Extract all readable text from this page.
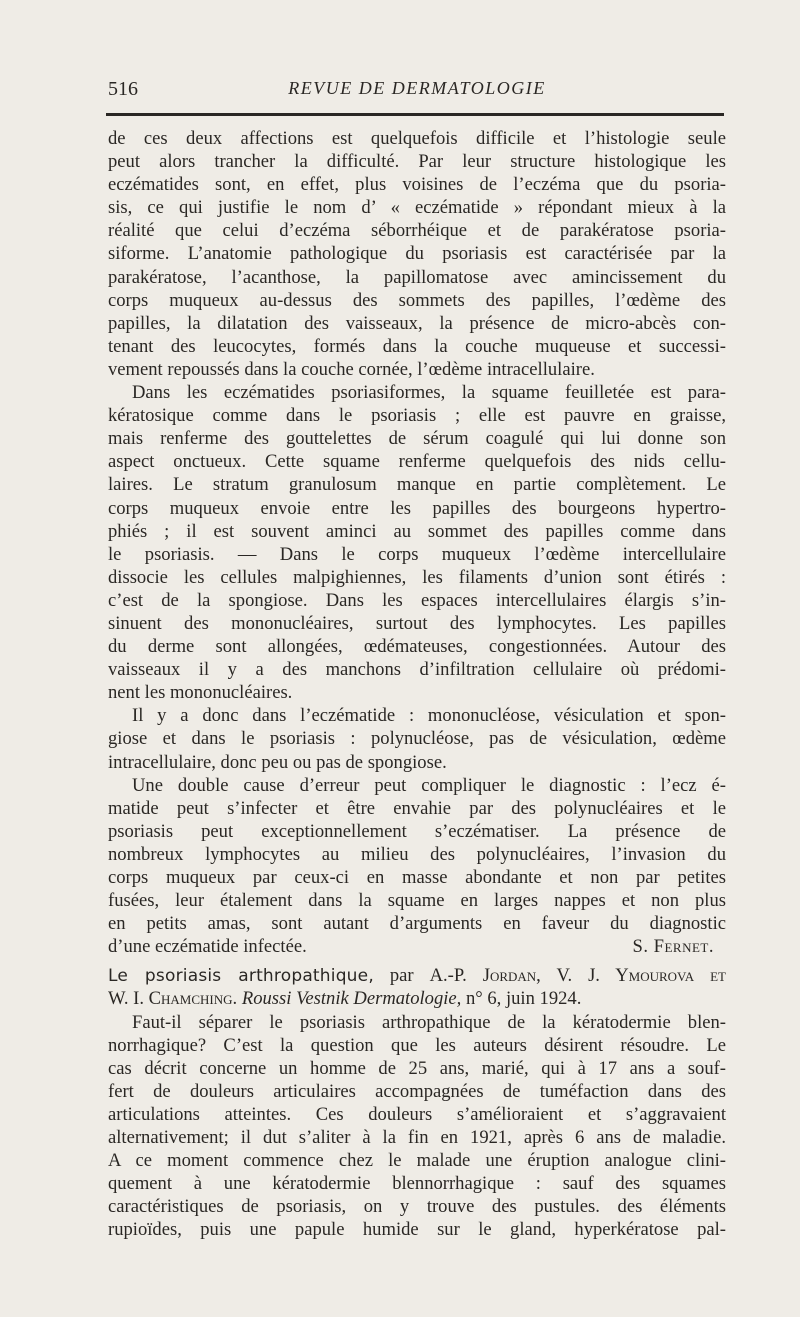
516	REVUE DE DERMATOLOGIE
de ces deux affections est quelquefois difficile et l’histologie seule
peut alors trancher la difficulté. Par leur structure histologique les
eczématides sont, en effet, plus voisines de l’eczéma que du psoria-
sis, ce qui justifie le nom d’ « eczématide » répondant mieux à la
réalité que celui d’eczéma séborrhéique et de parakératose psoria-
siforme. L’anatomie pathologique du psoriasis est caractérisée par la
parakératose, l’acanthose, la papillomatose avec amincissement du
corps muqueux au-dessus des sommets des papilles, l’œdème des
papilles, la dilatation des vaisseaux, la présence de micro-abcès con-
tenant des leucocytes, formés dans la couche muqueuse et successi-
vement repoussés dans la couche cornée, l’œdème intracellulaire.
Dans les eczématides psoriasiformes, la squame feuilletée est para-
kératosique comme dans le psoriasis ; elle est pauvre en graisse,
mais renferme des gouttelettes de sérum coagulé qui lui donne son
aspect onctueux. Cette squame renferme quelquefois des nids cellu-
laires. Le stratum granulosum manque en partie complètement. Le
corps muqueux envoie entre les papilles des bourgeons hypertro-
phiés ; il est souvent aminci au sommet des papilles comme dans
le psoriasis. — Dans le corps muqueux l’œdème intercellulaire
dissocie les cellules malpighiennes, les filaments d’union sont étirés :
c’est de la spongiose. Dans les espaces intercellulaires élargis s’in-
sinuent des mononucléaires, surtout des lymphocytes. Les papilles
du derme sont allongées, œdémateuses, congestionnées. Autour des
vaisseaux il y a des manchons d’infiltration cellulaire où prédomi-
nent les mononucléaires.
Il y a donc dans l’eczématide : mononucléose, vésiculation et spon-
giose et dans le psoriasis : polynucléose, pas de vésiculation, œdème
intracellulaire, donc peu ou pas de spongiose.
Une double cause d’erreur peut compliquer le diagnostic : l’ecz é-
matide peut s’infecter et être envahie par des polynucléaires et le
psoriasis peut exceptionnellement s’eczématiser. La présence de
nombreux lymphocytes au milieu des polynucléaires, l’invasion du
corps muqueux par ceux-ci en masse abondante et non par petites
fusées, leur étalement dans la squame en larges nappes et non plus
en petits amas, sont autant d’arguments en faveur du diagnostic
d’une eczématide infectée.	S. Fernet.
Le psoriasis arthropathique, par A.-P. Jordan, V. J. Ymourova et
W. I. Chamching. Roussi Vestnik Dermatologie, n° 6, juin 1924.
Faut-il séparer le psoriasis arthropathique de la kératodermie blen-
norrhagique? C’est la question que les auteurs désirent résoudre. Le
cas décrit concerne un homme de 25 ans, marié, qui à 17 ans a souf-
fert de douleurs articulaires accompagnées de tuméfaction dans des
articulations atteintes. Ces douleurs s’amélioraient et s’aggravaient
alternativement; il dut s’aliter à la fin en 1921, après 6 ans de maladie.
A ce moment commence chez le malade une éruption analogue clini-
quement à une kératodermie blennorrhagique : sauf des squames
caractéristiques de psoriasis, on y trouve des pustules. des éléments
rupioïdes, puis une papule humide sur le gland, hyperkératose pal-
